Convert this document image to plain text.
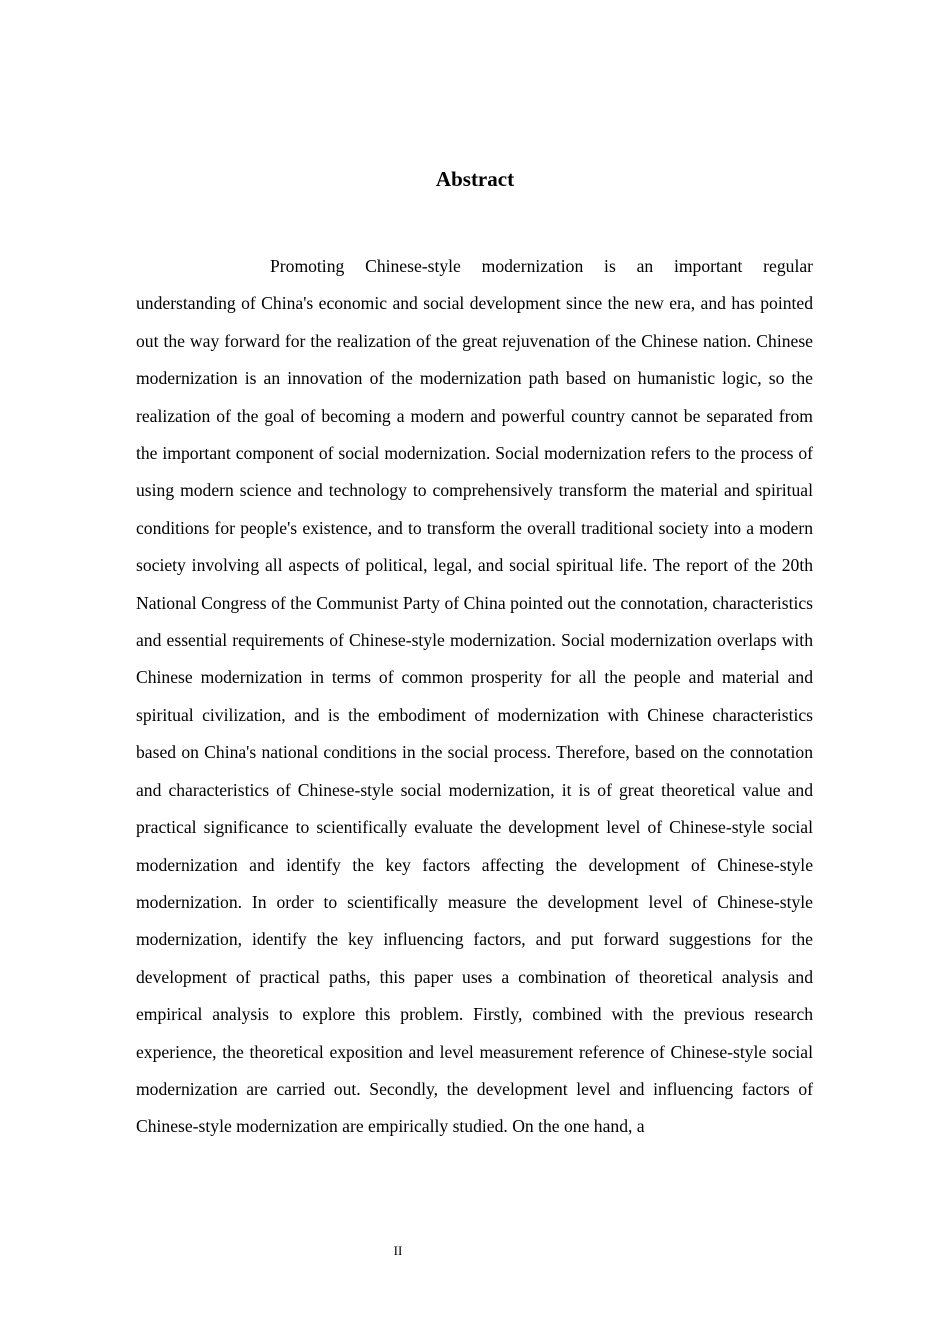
Abstract

Promoting Chinese-style modernization is an important regular understanding of China's economic and social development since the new era, and has pointed out the way forward for the realization of the great rejuvenation of the Chinese nation. Chinese modernization is an innovation of the modernization path based on humanistic logic, so the realization of the goal of becoming a modern and powerful country cannot be separated from the important component of social modernization. Social modernization refers to the process of using modern science and technology to comprehensively transform the material and spiritual conditions for people's existence, and to transform the overall traditional society into a modern society involving all aspects of political, legal, and social spiritual life. The report of the 20th National Congress of the Communist Party of China pointed out the connotation, characteristics and essential requirements of Chinese-style modernization. Social modernization overlaps with Chinese modernization in terms of common prosperity for all the people and material and spiritual civilization, and is the embodiment of modernization with Chinese characteristics based on China's national conditions in the social process. Therefore, based on the connotation and characteristics of Chinese-style social modernization, it is of great theoretical value and practical significance to scientifically evaluate the development level of Chinese-style social modernization and identify the key factors affecting the development of Chinese-style modernization. In order to scientifically measure the development level of Chinese-style modernization, identify the key influencing factors, and put forward suggestions for the development of practical paths, this paper uses a combination of theoretical analysis and empirical analysis to explore this problem. Firstly, combined with the previous research experience, the theoretical exposition and level measurement reference of Chinese-style social modernization are carried out. Secondly, the development level and influencing factors of Chinese-style modernization are empirically studied. On the one hand, a

II
